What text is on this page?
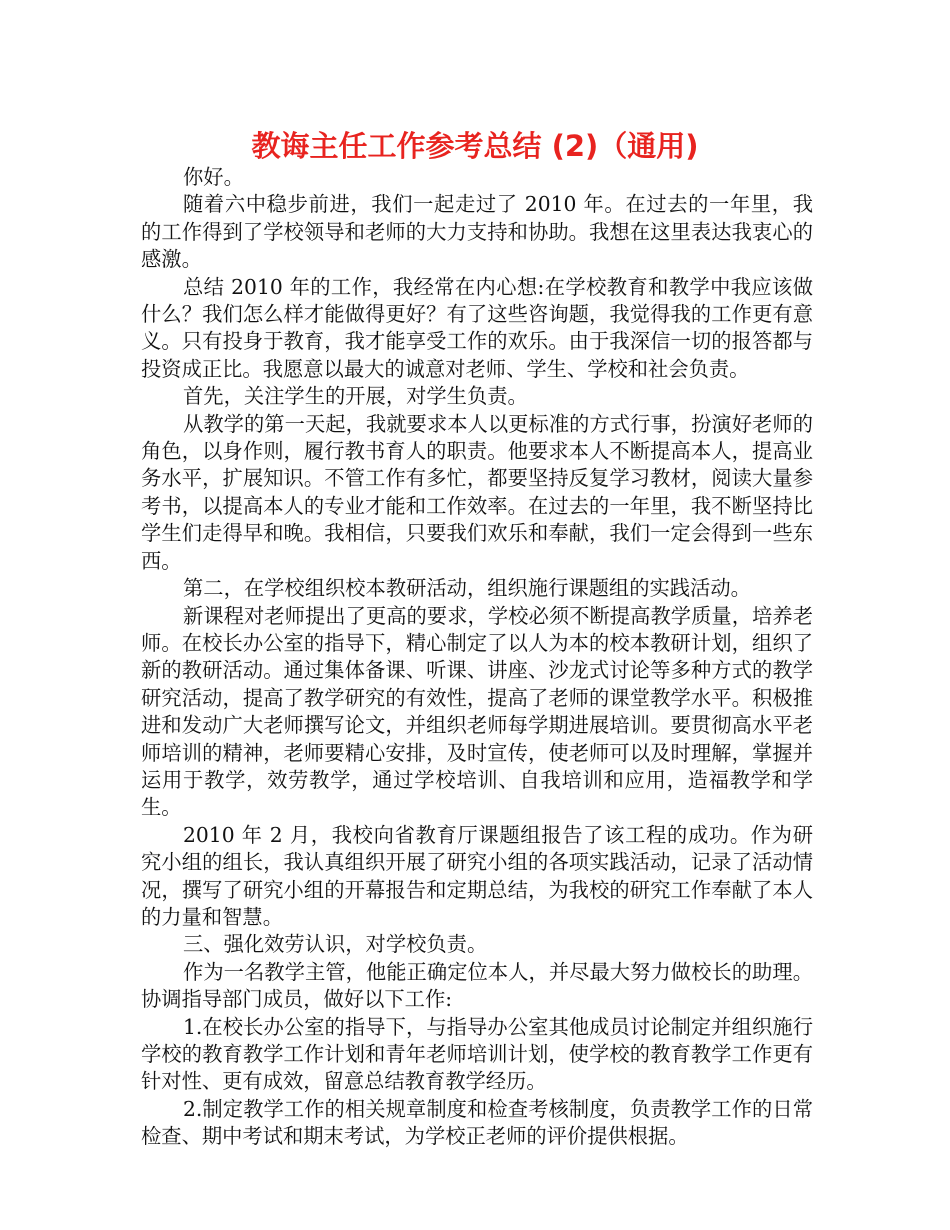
教诲主任工作参考总结 (2)（通用)

你好。

随着六中稳步前进，我们一起走过了 2010 年。在过去的一年里，我的工作得到了学校领导和老师的大力支持和协助。我想在这里表达我衷心的感激。

总结 2010 年的工作，我经常在内心想:在学校教育和教学中我应该做什么？我们怎么样才能做得更好？有了这些咨询题，我觉得我的工作更有意义。只有投身于教育，我才能享受工作的欢乐。由于我深信一切的报答都与投资成正比。我愿意以最大的诚意对老师、学生、学校和社会负责。

首先，关注学生的开展，对学生负责。

从教学的第一天起，我就要求本人以更标准的方式行事，扮演好老师的角色，以身作则，履行教书育人的职责。他要求本人不断提高本人，提高业务水平，扩展知识。不管工作有多忙，都要坚持反复学习教材，阅读大量参考书，以提高本人的专业才能和工作效率。在过去的一年里，我不断坚持比学生们走得早和晚。我相信，只要我们欢乐和奉献，我们一定会得到一些东西。

第二，在学校组织校本教研活动，组织施行课题组的实践活动。

新课程对老师提出了更高的要求，学校必须不断提高教学质量，培养老师。在校长办公室的指导下，精心制定了以人为本的校本教研计划，组织了新的教研活动。通过集体备课、听课、讲座、沙龙式讨论等多种方式的教学研究活动，提高了教学研究的有效性，提高了老师的课堂教学水平。积极推进和发动广大老师撰写论文，并组织老师每学期进展培训。要贯彻高水平老师培训的精神，老师要精心安排，及时宣传，使老师可以及时理解，掌握并运用于教学，效劳教学，通过学校培训、自我培训和应用，造福教学和学生。

2010 年 2 月，我校向省教育厅课题组报告了该工程的成功。作为研究小组的组长，我认真组织开展了研究小组的各项实践活动，记录了活动情况，撰写了研究小组的开幕报告和定期总结，为我校的研究工作奉献了本人的力量和智慧。

三、强化效劳认识，对学校负责。

作为一名教学主管，他能正确定位本人，并尽最大努力做校长的助理。协调指导部门成员，做好以下工作:

1.在校长办公室的指导下，与指导办公室其他成员讨论制定并组织施行学校的教育教学工作计划和青年老师培训计划，使学校的教育教学工作更有针对性、更有成效，留意总结教育教学经历。

2.制定教学工作的相关规章制度和检查考核制度，负责教学工作的日常检查、期中考试和期末考试，为学校正老师的评价提供根据。
